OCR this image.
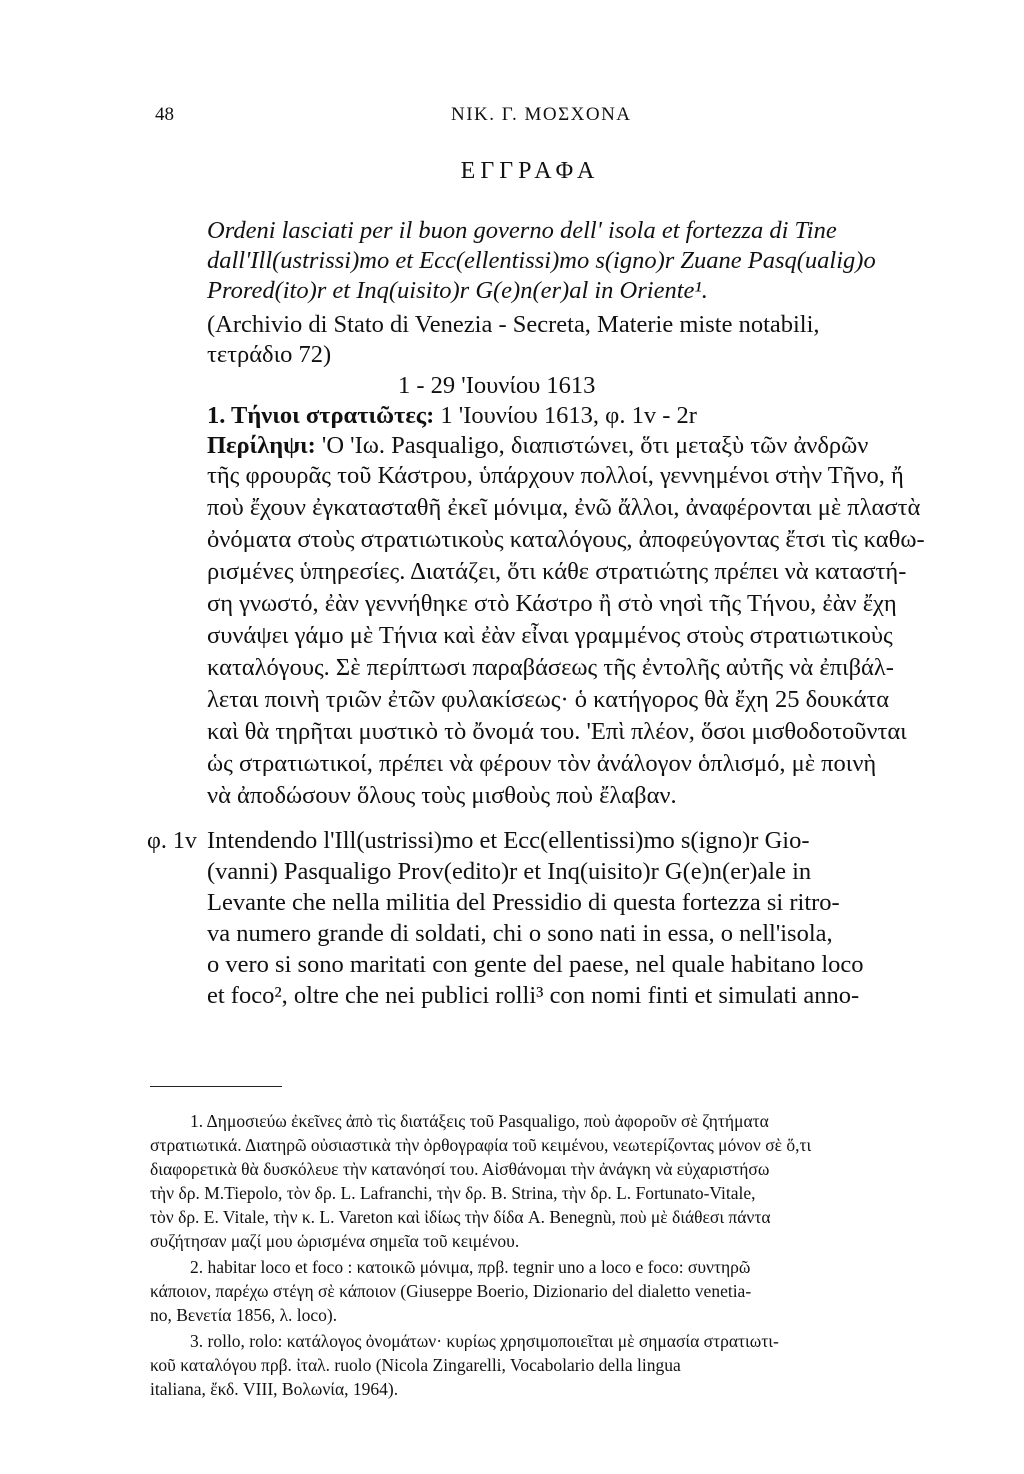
48	ΝΙΚ. Γ. ΜΟΣΧΟΝΑ
ΕΓΓΡΑΦΑ
Ordeni lasciati per il buon governo dell' isola et fortezza di Tine
dall'Ill(ustrissi)mo et Ecc(ellentissi)mo s(igno)r Zuane Pasq(ualig)o
Prored(ito)r et Inq(uisito)r G(e)n(er)al in Oriente¹.
(Archivio di Stato di Venezia - Secreta, Materie miste notabili,
τετράδιο 72)
1 - 29 'Ιουνίου 1613
1. Τήνιοι στρατιῶτες: 1 'Ιουνίου 1613, φ. 1v - 2r
Περίληψι: 'Ο 'Ιω. Pasqualigo, διαπιστώνει, ὅτι μεταξὺ τῶν ἀνδρῶν
τῆς φρουρᾶς τοῦ Κάστρου, ὑπάρχουν πολλοί, γεννημένοι στὴν Τῆνο, ἤ
ποὺ ἔχουν ἐγκατασταθῆ ἐκεῖ μόνιμα, ἐνῶ ἄλλοι, ἀναφέρονται μὲ πλαστὰ
ὀνόματα στοὺς στρατιωτικοὺς καταλόγους, ἀποφεύγοντας ἔτσι τὶς καθω-
ρισμένες ὑπηρεσίες. Διατάζει, ὅτι κάθε στρατιώτης πρέπει νὰ καταστή-
ση γνωστό, ἐὰν γεννήθηκε στὸ Κάστρο ἢ στὸ νησὶ τῆς Τήνου, ἐὰν ἔχη
συνάψει γάμο μὲ Τήνια καὶ ἐὰν εἶναι γραμμένος στοὺς στρατιωτικοὺς
καταλόγους. Σὲ περίπτωσι παραβάσεως τῆς ἐντολῆς αὐτῆς νὰ ἐπιβάλ-
λεται ποινὴ τριῶν ἐτῶν φυλακίσεως· ὁ κατήγορος θὰ ἔχη 25 δουκάτα
καὶ θὰ τηρῆται μυστικὸ τὸ ὄνομά του. 'Επὶ πλέον, ὅσοι μισθοδοτοῦνται
ὡς στρατιωτικοί, πρέπει νὰ φέρουν τὸν ἀνάλογον ὁπλισμό, μὲ ποινὴ
νὰ ἀποδώσουν ὅλους τοὺς μισθοὺς ποὺ ἔλαβαν.
φ. 1v Intendendo l'Ill(ustrissi)mo et Ecc(ellentissi)mo s(igno)r Gio-
(vanni) Pasqualigo Prov(edito)r et Inq(uisito)r G(e)n(er)ale in
Levante che nella militia del Pressidio di questa fortezza si ritro-
va numero grande di soldati, chi o sono nati in essa, o nell'isola,
o vero si sono maritati con gente del paese, nel quale habitano loco
et foco², oltre che nei publici rolli³ con nomi finti et simulati anno-
1. Δημοσιεύω ἐκεῖνες ἀπὸ τὶς διατάξεις τοῦ Pasqualigo, ποὺ ἀφοροῦν σὲ ζητήματα
στρατιωτικά. Διατηρῶ οὐσιαστικὰ τὴν ὀρθογραφία τοῦ κειμένου, νεωτερίζοντας μόνον σὲ ὅ,τι
διαφορετικὰ θὰ δυσκόλευε τὴν κατανόησί του. Αἰσθάνομαι τὴν ἀνάγκη νὰ εὐχαριστήσω
τὴν δρ. M.Tiepolo, τὸν δρ. L. Lafranchi, τὴν δρ. B. Strina, τὴν δρ. L. Fortunato-Vitale,
τὸν δρ. E. Vitale, τὴν κ. L. Vareton καὶ ἰδίως τὴν δίδα A. Benegnù, ποὺ μὲ διάθεσι πάντα
συζήτησαν μαζί μου ὡρισμένα σημεῖα τοῦ κειμένου.
2. habitar loco et foco : κατοικῶ μόνιμα, πρβ. tegnir uno a loco e foco: συντηρῶ
κάποιον, παρέχω στέγη σὲ κάποιον (Giuseppe Boerio, Dizionario del dialetto venetia-
no, Βενετία 1856, λ. loco).
3. rollo, rolo: κατάλογος ὀνομάτων· κυρίως χρησιμοποιεῖται μὲ σημασία στρατιωτι-
κοῦ καταλόγου πρβ. ἰταλ. ruolo (Nicola Zingarelli, Vocabolario della lingua
italiana, ἔκδ. VIII, Βολωνία, 1964).
